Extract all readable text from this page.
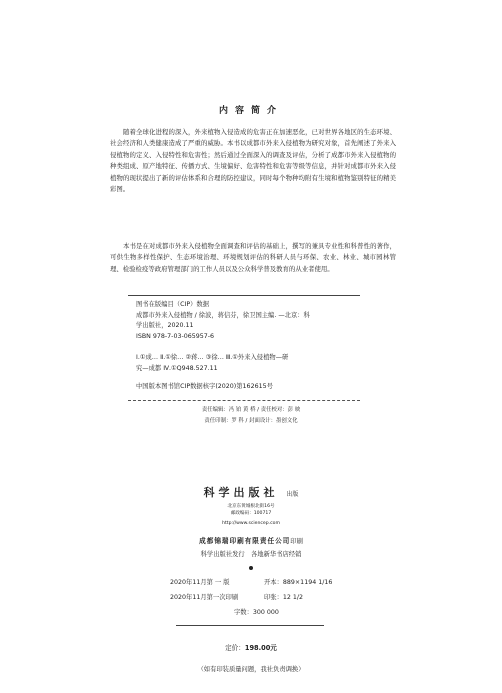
内容简介

随着全球化进程的深入，外来植物入侵造成的危害正在加速恶化，已对世界各地区的生态环境、社会经济和人类健康造成了严重的威胁。本书以成都市外来入侵植物为研究对象，首先阐述了外来入侵植物的定义、入侵特性和危害性；然后通过全面深入的调查及评估，分析了成都市外来入侵植物的种类组成、原产地特征、传播方式、生境偏好、危害特性和危害等级等信息，并针对成都市外来入侵植物的现状提出了新的评估体系和合理的防控建议，同时每个物种均附有生境和植物鉴别特征的精美彩图。

本书是在对成都市外来入侵植物全面调查和评估的基础上，撰写的兼具专业性和科普性的著作，可供生物多样性保护、生态环境治理、环境规划评估的科研人员与环保、农业、林业、城市园林管理、检验检疫等政府管理部门的工作人员以及公众科学普及教育的从业者使用。

图书在版编目（CIP）数据
成都市外来入侵植物 / 徐波，蒋信芬，徐卫国主编. —北京：科
学出版社，2020.11
ISBN 978-7-03-065957-6
Ⅰ.①成… Ⅱ.①徐… ②蒋… ③徐… Ⅲ.①外来入侵植物—研
究—成都 Ⅳ.①Q948.527.11
中国版本图书馆CIP数据核字(2020)第162615号
责任编辑：冯 铂 黄 桥 / 责任校对：彭 映
责任印制：罗 科 / 封面设计：墨创文化
科学出版社 出版
北京东黄城根北街16号
邮政编码：100717
http://www.sciencep.com
成都锦瑞印刷有限责任公司印刷
科学出版社发行　各地新华书店经销
2020年11月第 一 版	开本：889×1194 1/16
2020年11月第一次印刷	印张：12 1/2
字数：300 000
定价：198.00元
（如有印装质量问题，我社负责调换）
